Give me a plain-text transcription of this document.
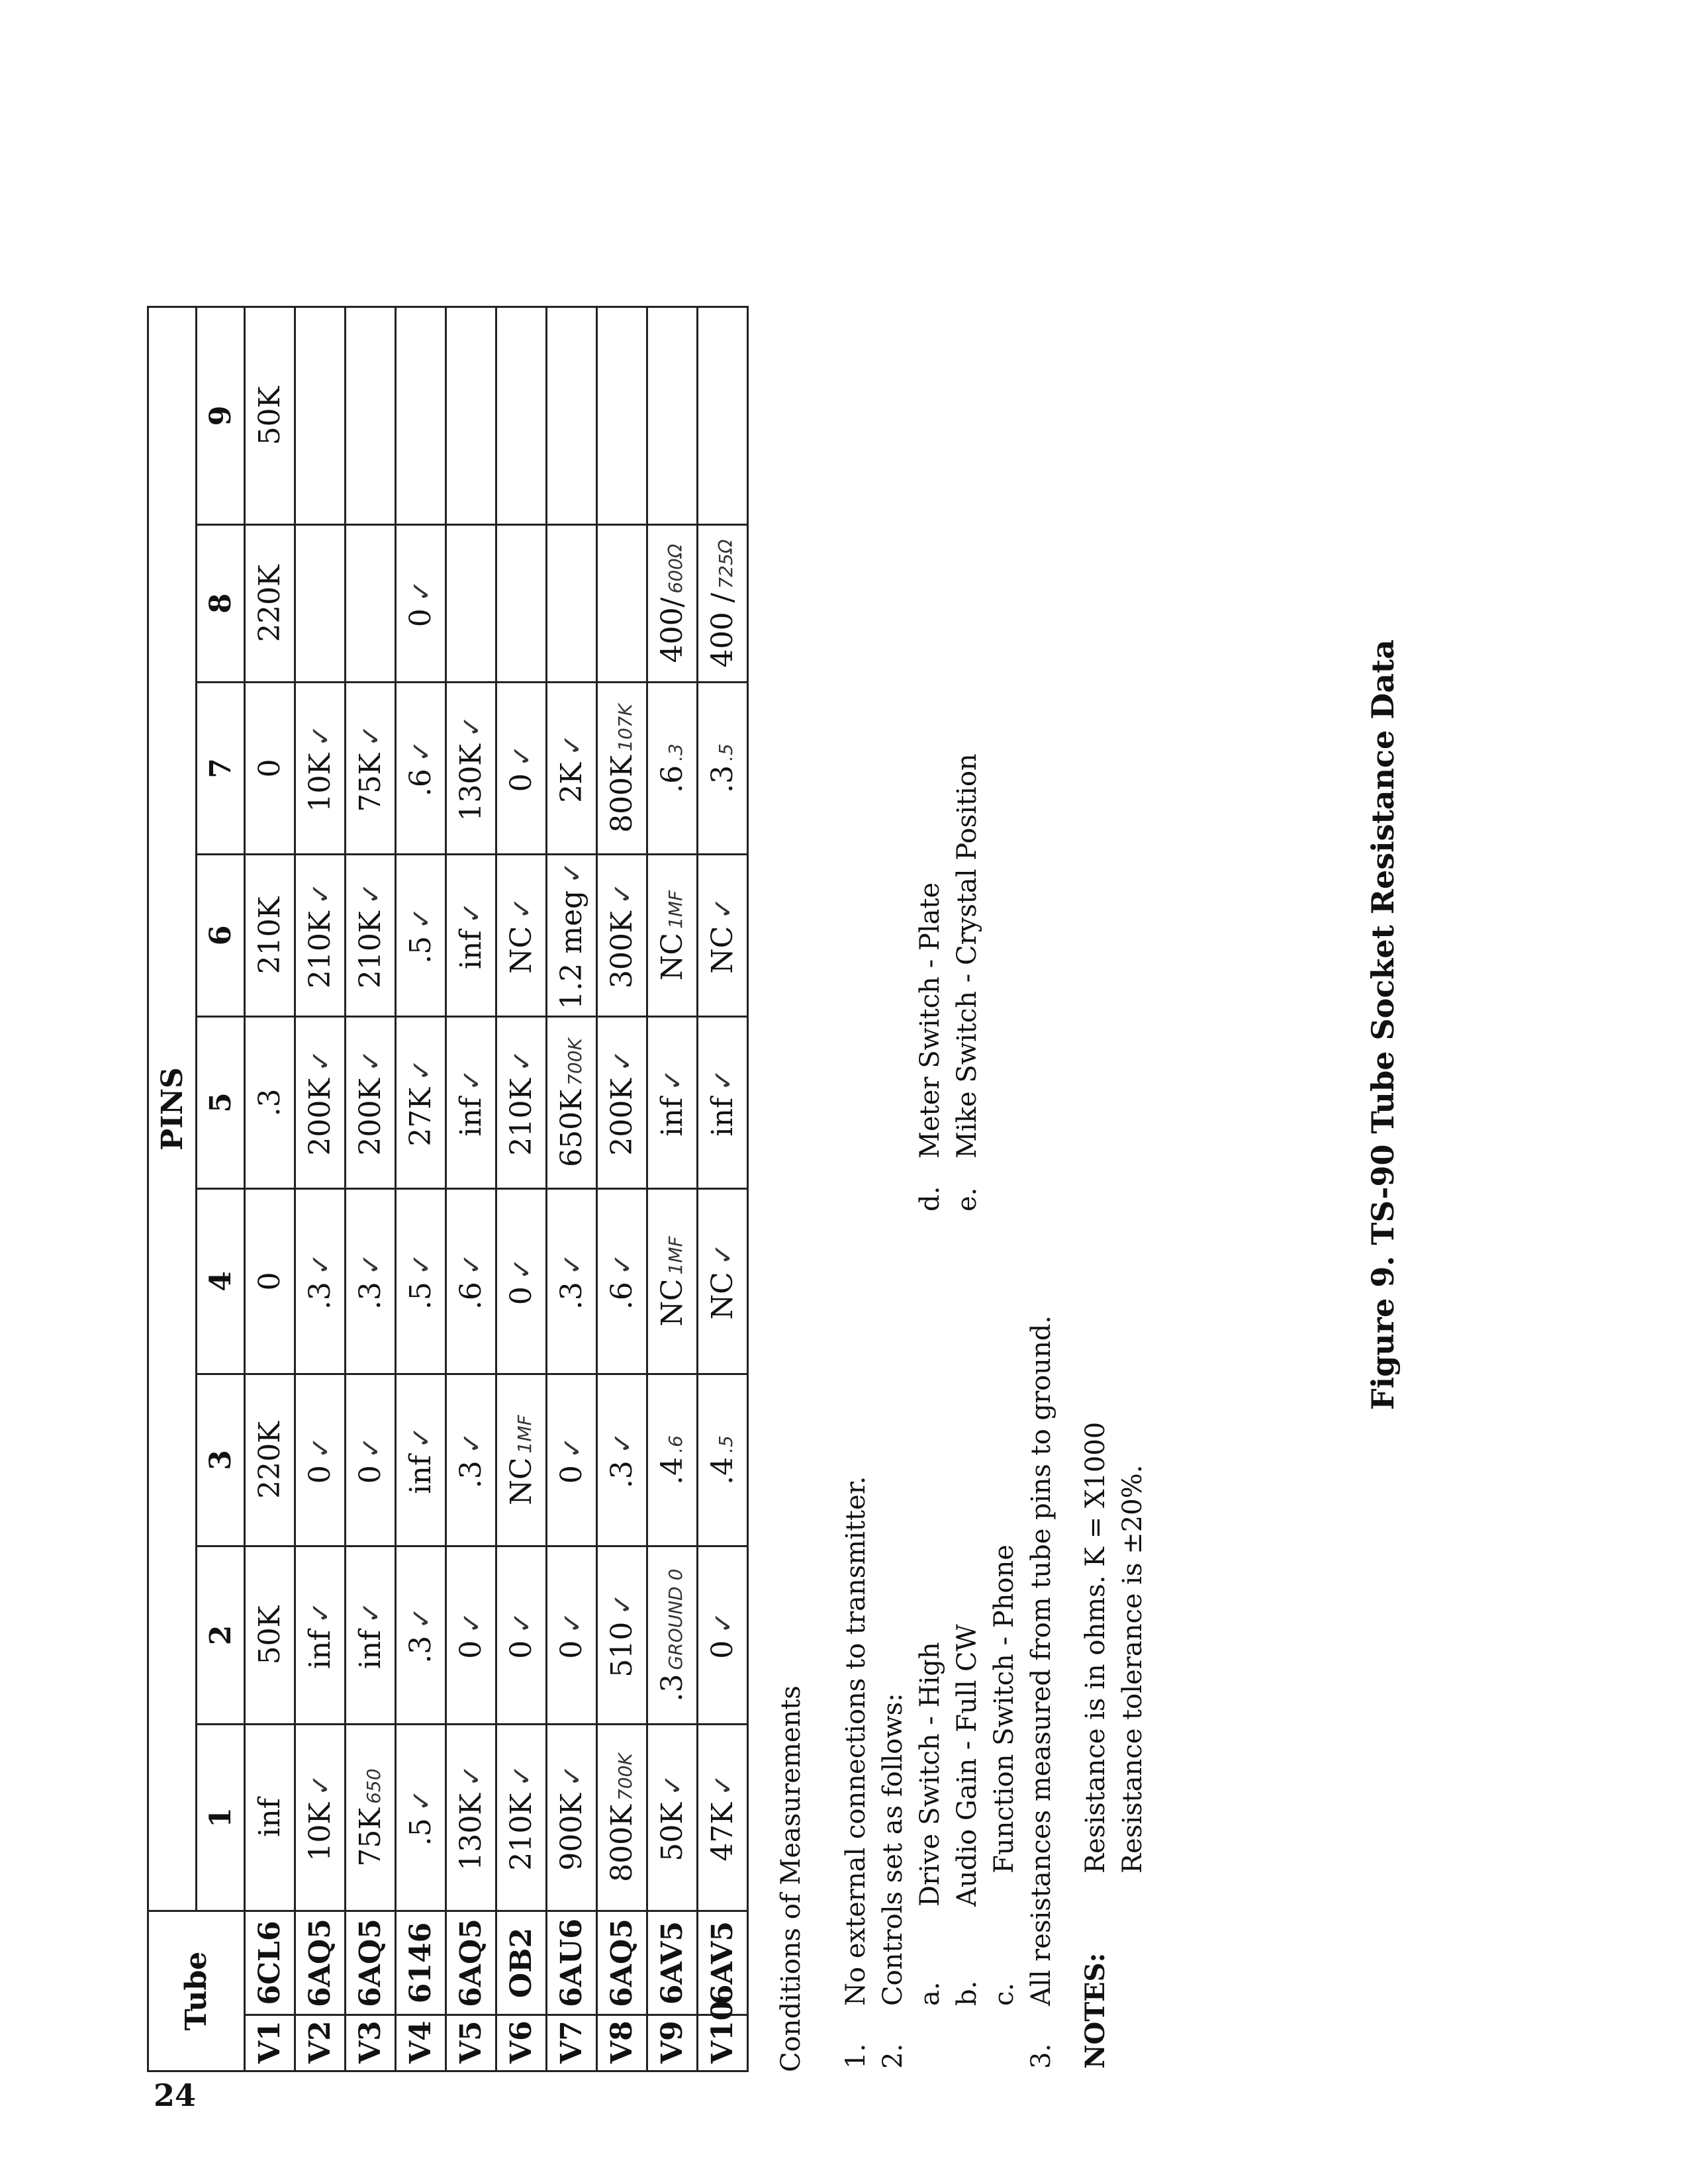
24
Tube		PINS								
		1	2	3	4	5	6	7	8	9
V1	6CL6	inf	50K	220K	0	.3	210K	0	220K	50K
V2	6AQ5	10K✓	inf✓	0✓	.3✓	200K✓	210K✓	10K✓		
V3	6AQ5	75K650	inf✓	0✓	.3✓	200K✓	210K✓	75K✓		
V4	6146	.5✓	.3✓	inf✓	.5✓	27K✓	.5✓	.6✓	0✓	
V5	6AQ5	130K✓	0✓	.3✓	.6✓	inf✓	inf✓	130K✓		
V6	OB2	210K✓	0✓	NC1MF	0✓	210K✓	NC✓	0✓		
V7	6AU6	900K✓	0✓	0✓	.3✓	650K700K	1.2 meg✓	2K✓		
V8	6AQ5	800K700K	510✓	.3✓	.6✓	200K✓	300K✓	800K107K		
V9	6AV5	50K✓	.3GROUND 0	.4.6	NC1MF	inf✓	NC1MF	.6.3	400/600Ω	
V10	6AV5	47K✓	0✓	.4.5	NC✓	inf✓	NC✓	.3.5	400 /725Ω	
Conditions of Measurements 1.
No external connections to transmitter.
2.
Controls set as follows: a.
Drive Switch - High
d.
Meter Switch - Plate
b.
Audio Gain - Full CW
e.
Mike Switch - Crystal Position
c.
Function Switch - Phone
3.
All resistances measured from tube pins to ground.
NOTES:
Resistance is in ohms. K = X1000 Resistance tolerance is ±20%.
Figure 9. TS-90 Tube Socket Resistance Data
